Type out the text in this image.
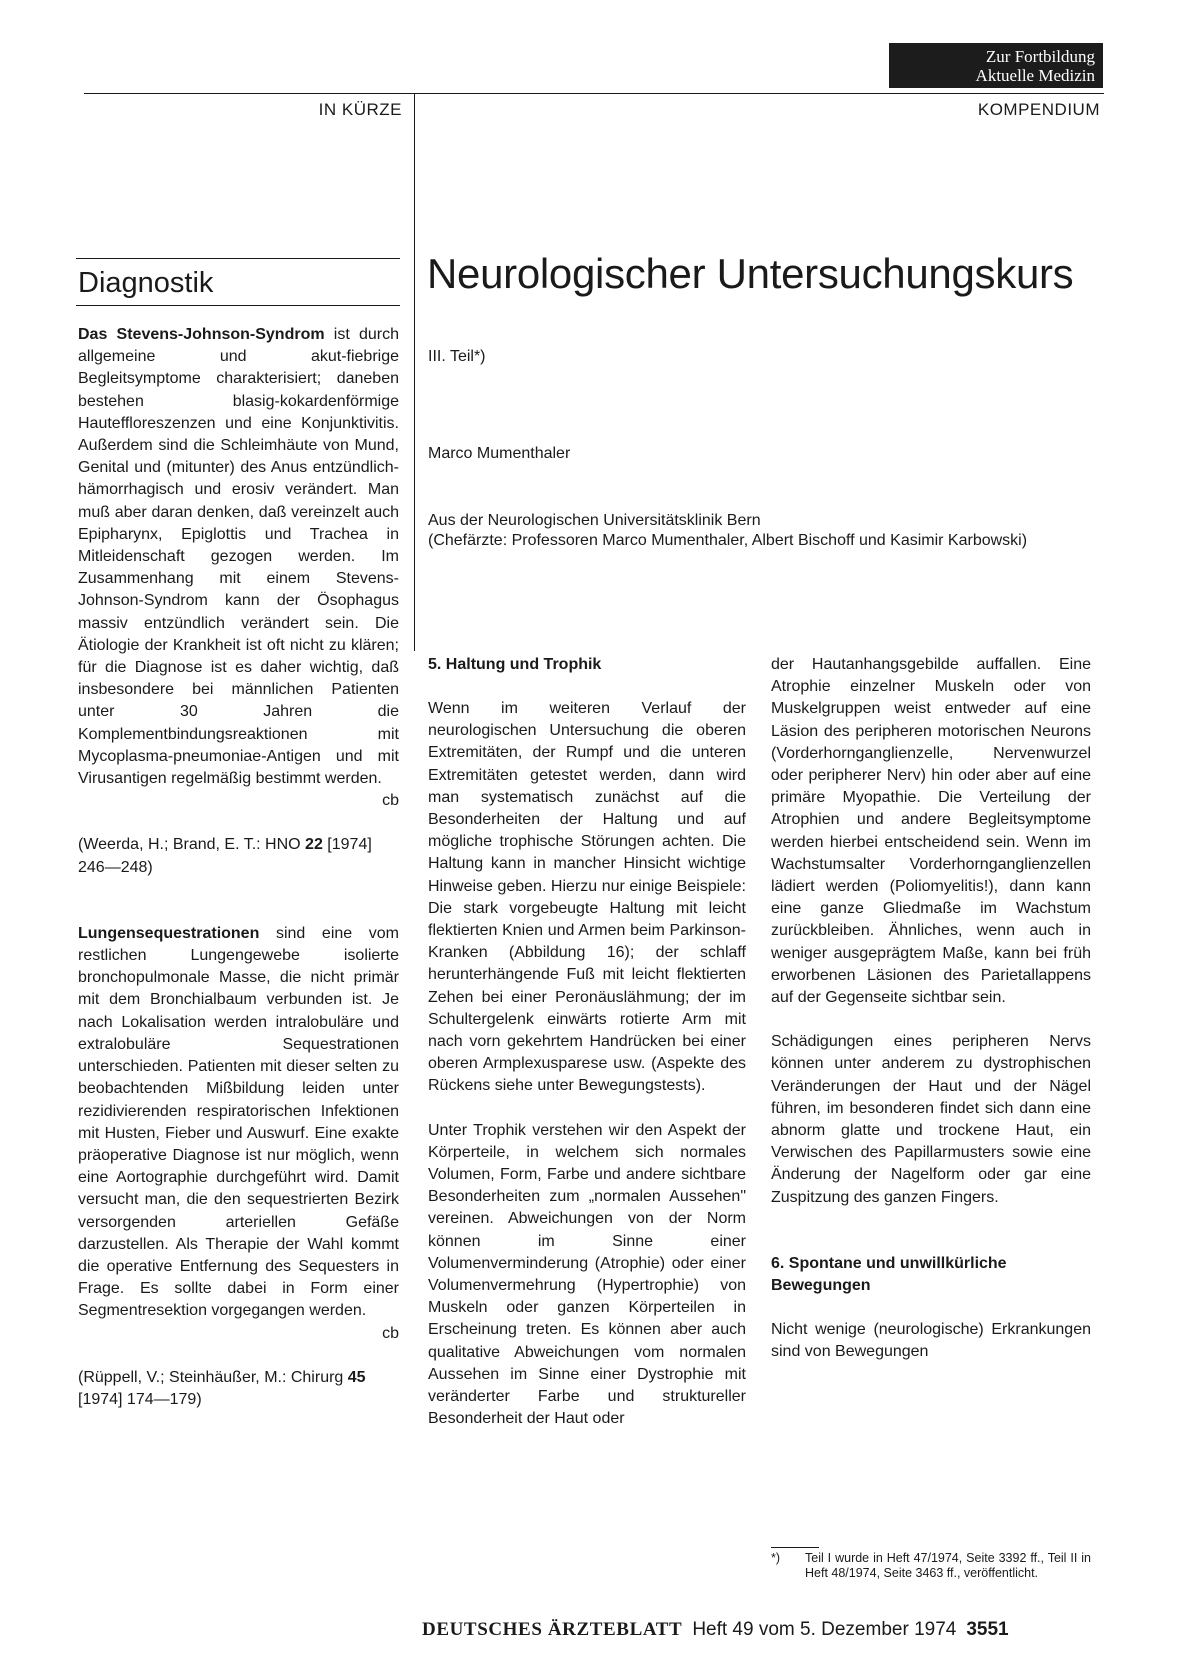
Zur Fortbildung
Aktuelle Medizin
IN KÜRZE	KOMPENDIUM
Diagnostik

Das Stevens-Johnson-Syndrom ist durch allgemeine und akut-fiebrige Begleitsymptome charakterisiert; daneben bestehen blasig-kokardenförmige Hauteffloreszenzen und eine Konjunktivitis. Außerdem sind die Schleimhäute von Mund, Genital und (mitunter) des Anus entzündlich-hämorrhagisch und erosiv verändert. Man muß aber daran denken, daß vereinzelt auch Epipharynx, Epiglottis und Trachea in Mitleidenschaft gezogen werden. Im Zusammenhang mit einem Stevens-Johnson-Syndrom kann der Ösophagus massiv entzündlich verändert sein. Die Ätiologie der Krankheit ist oft nicht zu klären; für die Diagnose ist es daher wichtig, daß insbesondere bei männlichen Patienten unter 30 Jahren die Komplementbindungsreaktionen mit Mycoplasma-pneumoniae-Antigen und mit Virusantigen regelmäßig bestimmt werden.

cb

(Weerda, H.; Brand, E. T.: HNO 22 [1974] 246—248)

Lungensequestrationen sind eine vom restlichen Lungengewebe isolierte bronchopulmonale Masse, die nicht primär mit dem Bronchialbaum verbunden ist. Je nach Lokalisation werden intralobuläre und extralobuläre Sequestrationen unterschieden. Patienten mit dieser selten zu beobachtenden Mißbildung leiden unter rezidivierenden respiratorischen Infektionen mit Husten, Fieber und Auswurf. Eine exakte präoperative Diagnose ist nur möglich, wenn eine Aortographie durchgeführt wird. Damit versucht man, die den sequestrierten Bezirk versorgenden arteriellen Gefäße darzustellen. Als Therapie der Wahl kommt die operative Entfernung des Sequesters in Frage. Es sollte dabei in Form einer Segmentresektion vorgegangen werden.

cb

(Rüppell, V.; Steinhäußer, M.: Chirurg 45 [1974] 174—179)

Neurologischer Untersuchungskurs
III. Teil*)
Marco Mumenthaler
Aus der Neurologischen Universitätsklinik Bern
(Chefärzte: Professoren Marco Mumenthaler, Albert Bischoff und Kasimir Karbowski)

5. Haltung und Trophik

Wenn im weiteren Verlauf der neurologischen Untersuchung die oberen Extremitäten, der Rumpf und die unteren Extremitäten getestet werden, dann wird man systematisch zunächst auf die Besonderheiten der Haltung und auf mögliche trophische Störungen achten. Die Haltung kann in mancher Hinsicht wichtige Hinweise geben. Hierzu nur einige Beispiele: Die stark vorgebeugte Haltung mit leicht flektierten Knien und Armen beim Parkinson-Kranken (Abbildung 16); der schlaff herunterhängende Fuß mit leicht flektierten Zehen bei einer Peronäuslähmung; der im Schultergelenk einwärts rotierte Arm mit nach vorn gekehrtem Handrücken bei einer oberen Armplexusparese usw. (Aspekte des Rückens siehe unter Bewegungstests).

Unter Trophik verstehen wir den Aspekt der Körperteile, in welchem sich normales Volumen, Form, Farbe und andere sichtbare Besonderheiten zum „normalen Aussehen" vereinen. Abweichungen von der Norm können im Sinne einer Volumenverminderung (Atrophie) oder einer Volumenvermehrung (Hypertrophie) von Muskeln oder ganzen Körperteilen in Erscheinung treten. Es können aber auch qualitative Abweichungen vom normalen Aussehen im Sinne einer Dystrophie mit veränderter Farbe und struktureller Besonderheit der Haut oder

der Hautanhangsgebilde auffallen. Eine Atrophie einzelner Muskeln oder von Muskelgruppen weist entweder auf eine Läsion des peripheren motorischen Neurons (Vorderhornganglienzelle, Nervenwurzel oder peripherer Nerv) hin oder aber auf eine primäre Myopathie. Die Verteilung der Atrophien und andere Begleitsymptome werden hierbei entscheidend sein. Wenn im Wachstumsalter Vorderhornganglienzellen lädiert werden (Poliomyelitis!), dann kann eine ganze Gliedmaße im Wachstum zurückbleiben. Ähnliches, wenn auch in weniger ausgeprägtem Maße, kann bei früh erworbenen Läsionen des Parietallappens auf der Gegenseite sichtbar sein.

Schädigungen eines peripheren Nervs können unter anderem zu dystrophischen Veränderungen der Haut und der Nägel führen, im besonderen findet sich dann eine abnorm glatte und trockene Haut, ein Verwischen des Papillarmusters sowie eine Änderung der Nagelform oder gar eine Zuspitzung des ganzen Fingers.

6. Spontane und unwillkürliche Bewegungen

Nicht wenige (neurologische) Erkrankungen sind von Bewegungen

*) Teil I wurde in Heft 47/1974, Seite 3392 ff., Teil II in Heft 48/1974, Seite 3463 ff., veröffentlicht.
DEUTSCHES ÄRZTEBLATT Heft 49 vom 5. Dezember 1974 3551
